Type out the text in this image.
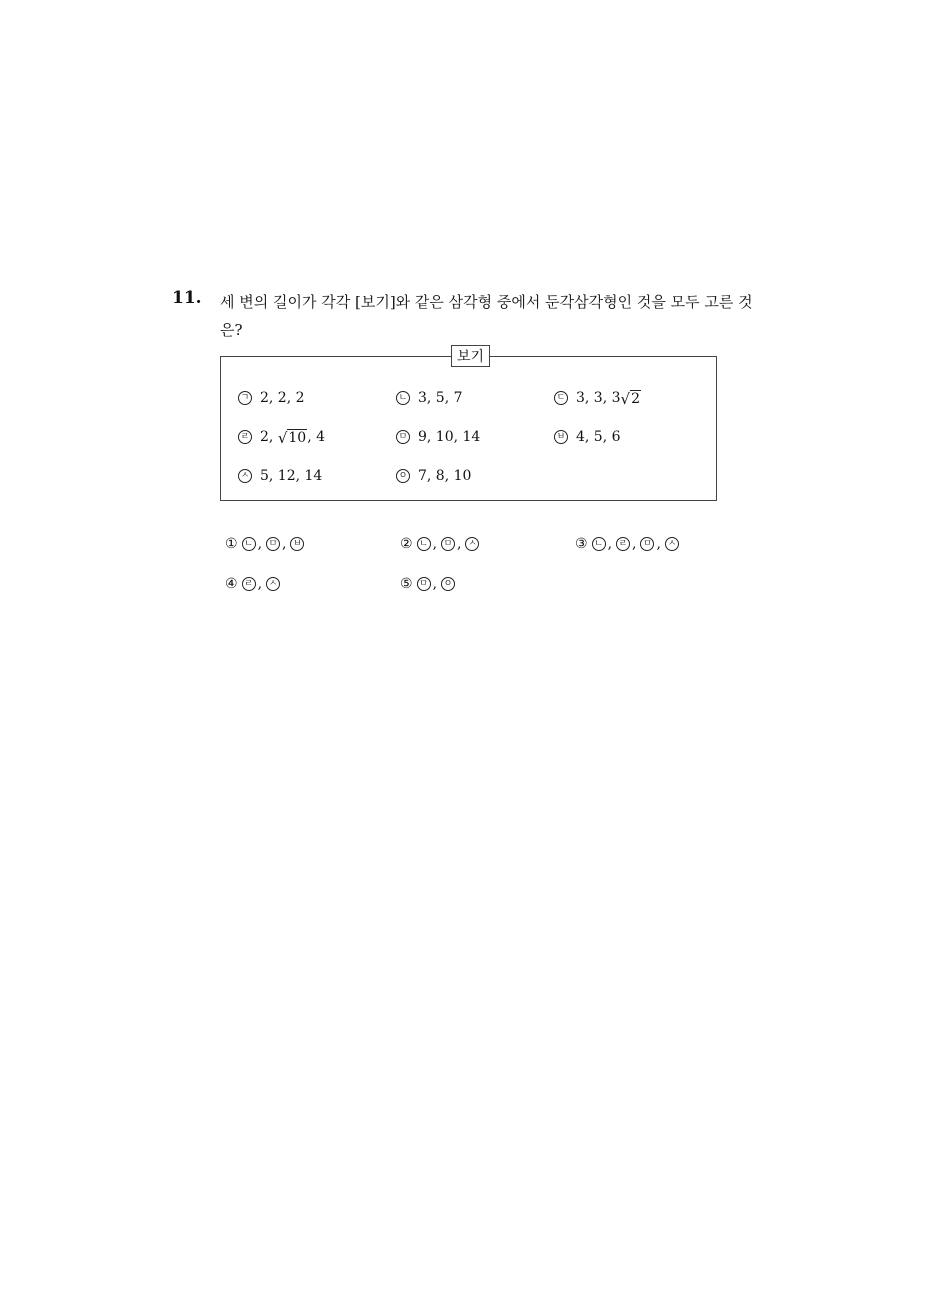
11. 세 변의 길이가 각각 [보기]와 같은 삼각형 중에서 둔각삼각형인 것을 모두 고른 것은?
보기
ㄱ 2, 2, 2	ㄴ 3, 5, 7	ㄷ 3, 3, 3 √ 2
ㄹ 2, √ 10 , 4	ㅁ 9, 10, 14	ㅂ 4, 5, 6
ㅅ 5, 12, 14	ㅇ 7, 8, 10
① ㄴ , ㅁ , ㅂ	② ㄴ , ㅁ , ㅅ	③ ㄴ , ㄹ , ㅁ , ㅅ
④ ㄹ , ㅅ	⑤ ㅁ , ㅇ
